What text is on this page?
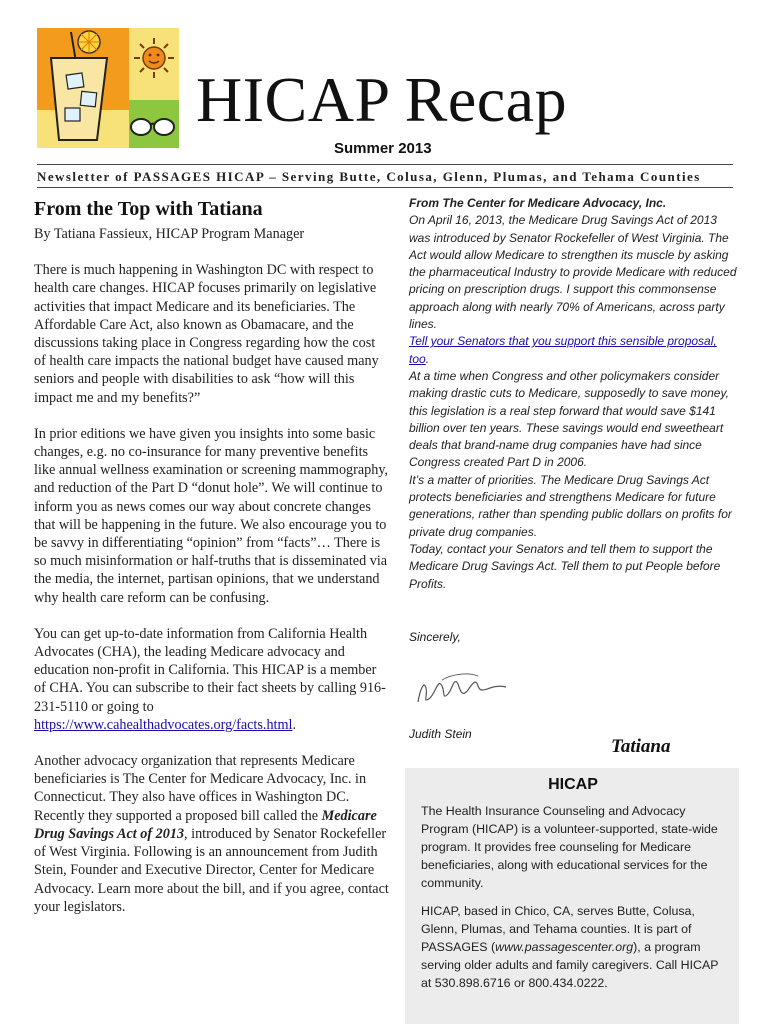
HICAP Recap
Summer 2013
Newsletter of PASSAGES HICAP – Serving Butte, Colusa, Glenn, Plumas, and Tehama Counties
From the Top with Tatiana
By Tatiana Fassieux, HICAP Program Manager

There is much happening in Washington DC with respect to health care changes. HICAP focuses primarily on legislative activities that impact Medicare and its beneficiaries. The Affordable Care Act, also known as Obamacare, and the discussions taking place in Congress regarding how the cost of health care impacts the national budget have caused many seniors and people with disabilities to ask “how will this impact me and my benefits?”

In prior editions we have given you insights into some basic changes, e.g. no co-insurance for many preventive benefits like annual wellness examination or screening mammography, and reduction of the Part D “donut hole”. We will continue to inform you as news comes our way about concrete changes that will be happening in the future. We also encourage you to be savvy in differentiating “opinion” from “facts”… There is so much misinformation or half-truths that is disseminated via the media, the internet, partisan opinions, that we understand why health care reform can be confusing.

You can get up-to-date information from California Health Advocates (CHA), the leading Medicare advocacy and education non-profit in California. This HICAP is a member of CHA. You can subscribe to their fact sheets by calling 916-231-5110 or going to https://www.cahealthadvocates.org/facts.html.

Another advocacy organization that represents Medicare beneficiaries is The Center for Medicare Advocacy, Inc. in Connecticut. They also have offices in Washington DC. Recently they supported a proposed bill called the Medicare Drug Savings Act of 2013, introduced by Senator Rockefeller of West Virginia. Following is an announcement from Judith Stein, Founder and Executive Director, Center for Medicare Advocacy. Learn more about the bill, and if you agree, contact your legislators.

From The Center for Medicare Advocacy, Inc.

On April 16, 2013, the Medicare Drug Savings Act of 2013 was introduced by Senator Rockefeller of West Virginia. The Act would allow Medicare to strengthen its muscle by asking the pharmaceutical Industry to provide Medicare with reduced pricing on prescription drugs. I support this commonsense approach along with nearly 70% of Americans, across party lines.

Tell your Senators that you support this sensible proposal, too.

At a time when Congress and other policymakers consider making drastic cuts to Medicare, supposedly to save money, this legislation is a real step forward that would save $141 billion over ten years. These savings would end sweetheart deals that brand-name drug companies have had since Congress created Part D in 2006.

It’s a matter of priorities. The Medicare Drug Savings Act protects beneficiaries and strengthens Medicare for future generations, rather than spending public dollars on profits for private drug companies.

Today, contact your Senators and tell them to support the Medicare Drug Savings Act. Tell them to put People before Profits.

Sincerely,
Judith Stein
Tatiana
HICAP

The Health Insurance Counseling and Advocacy Program (HICAP) is a volunteer-supported, state-wide program. It provides free counseling for Medicare beneficiaries, along with educational services for the community.

HICAP, based in Chico, CA, serves Butte, Colusa, Glenn, Plumas, and Tehama counties. It is part of PASSAGES (www.passagescenter.org), a program serving older adults and family caregivers. Call HICAP at 530.898.6716 or 800.434.0222.
